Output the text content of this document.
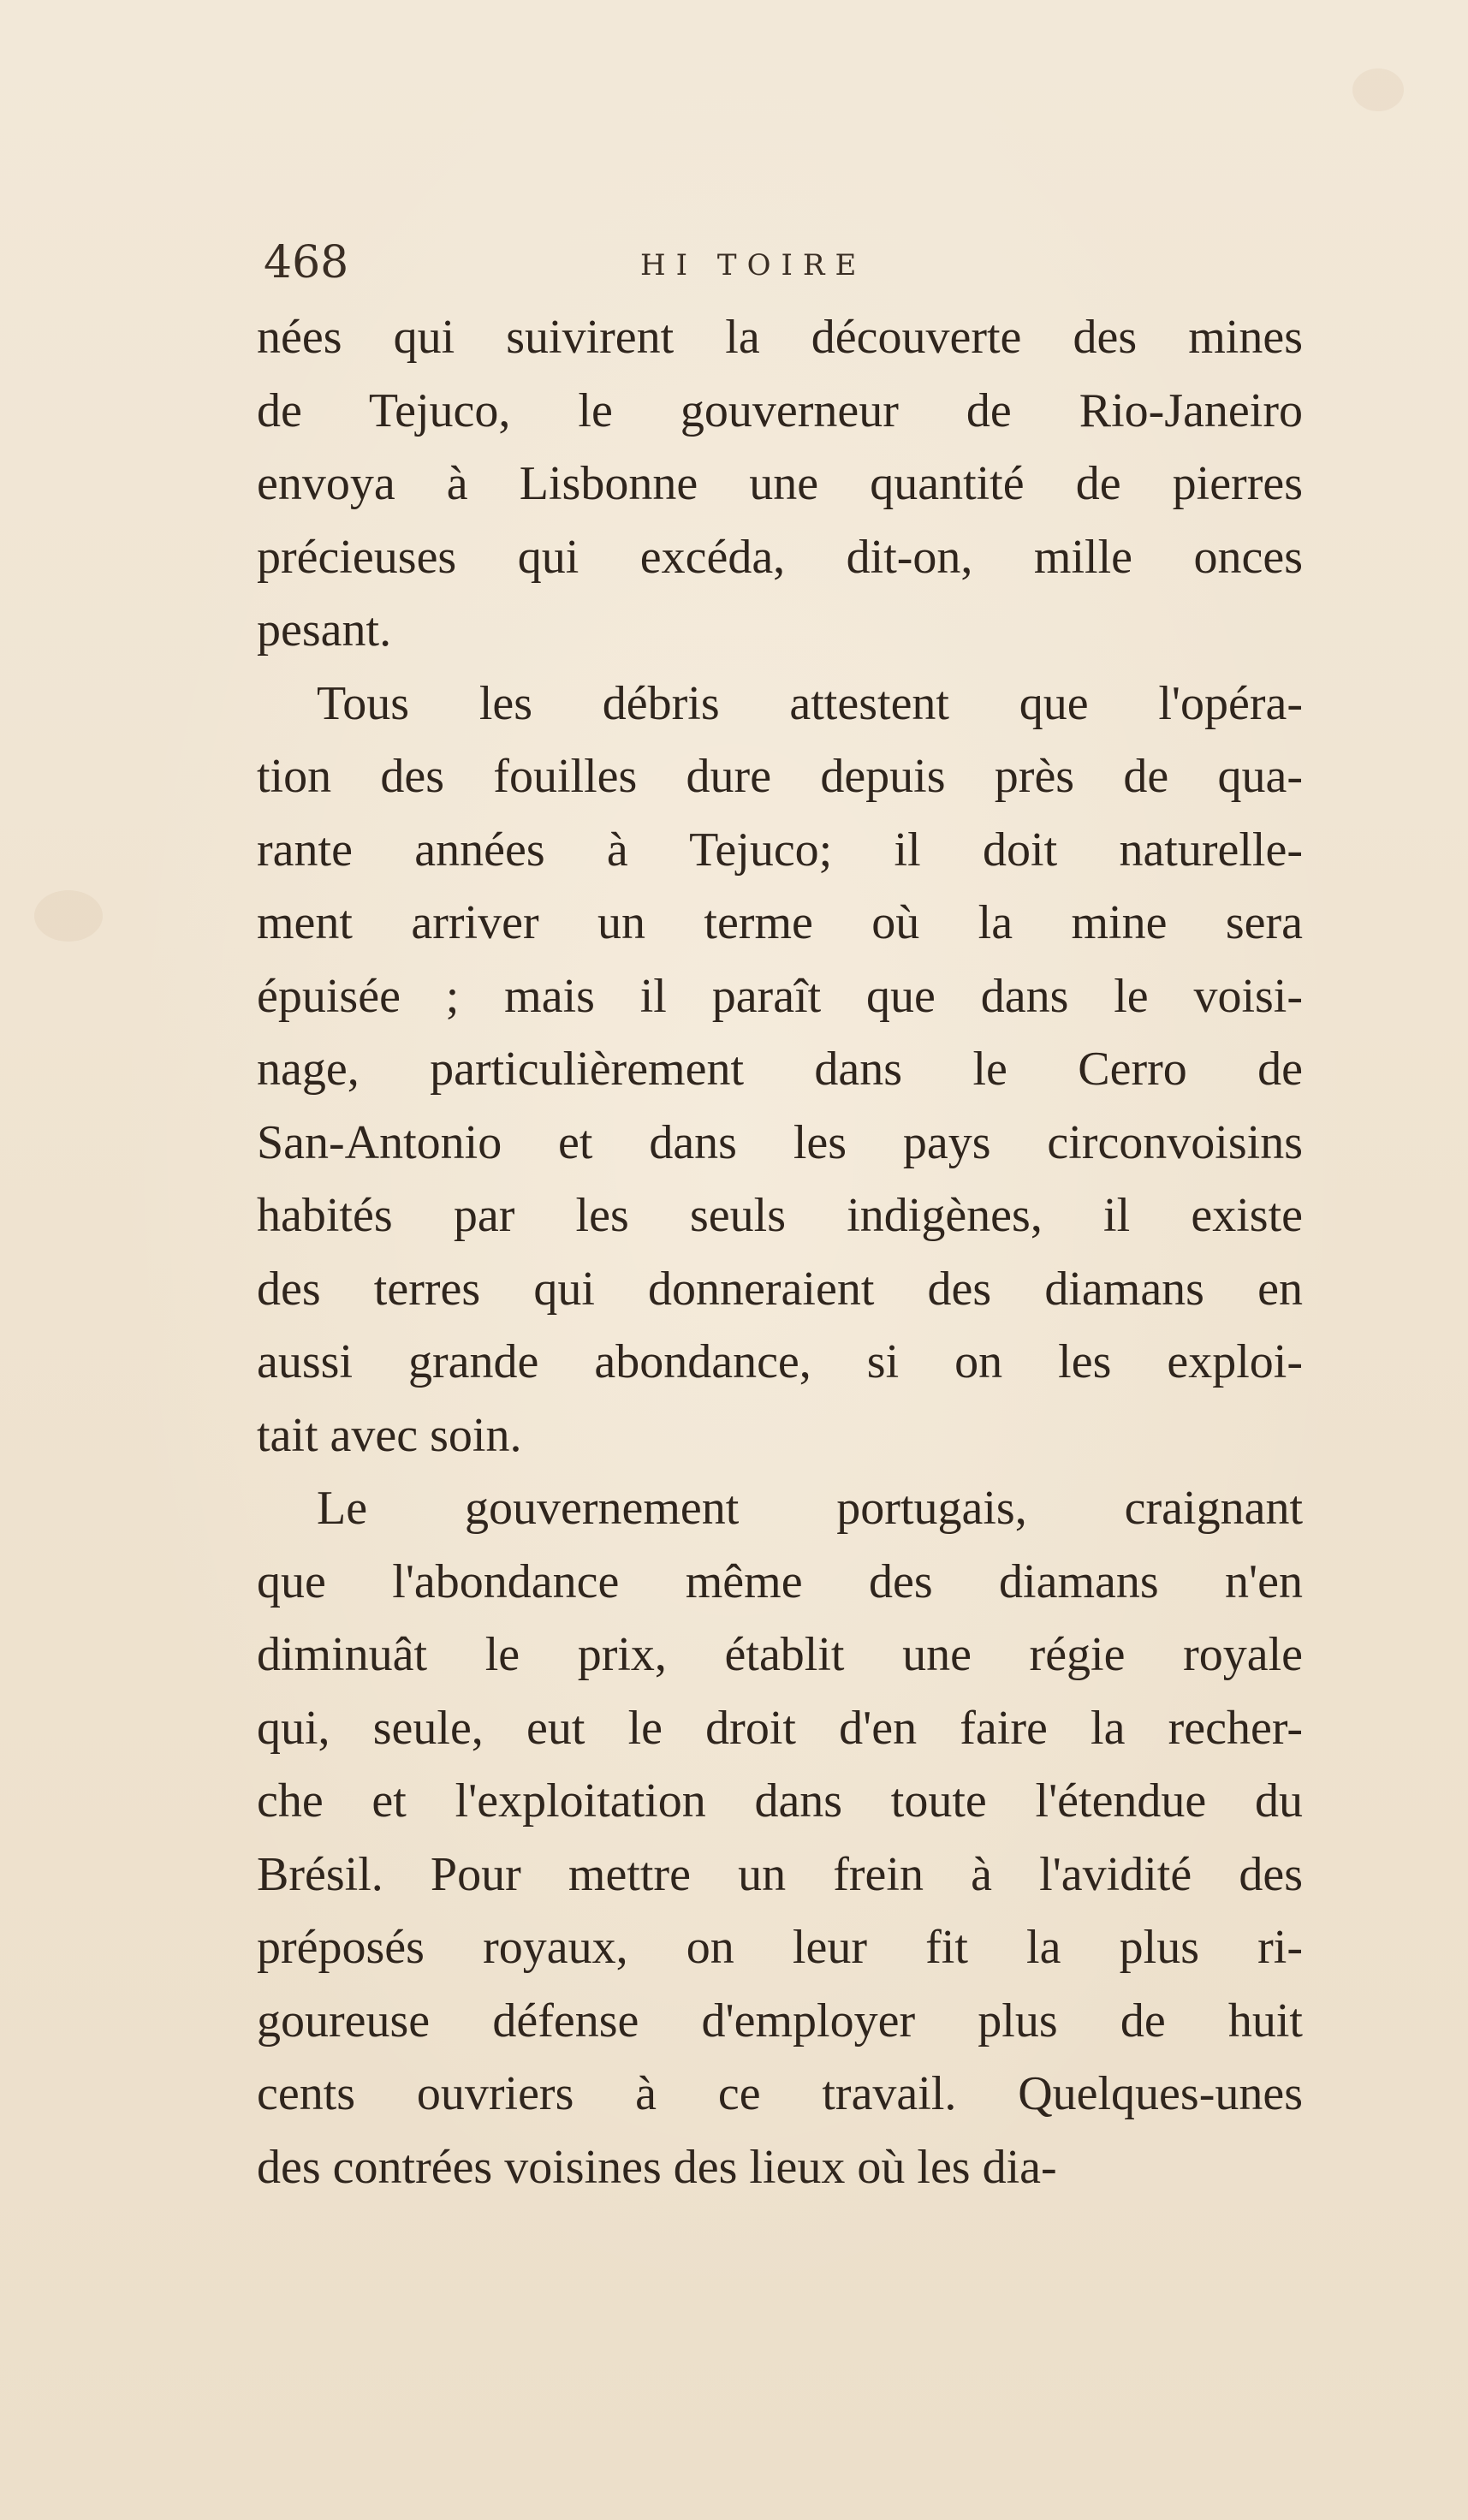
468	HI TOIRE
nées qui suivirent la découverte des mines
de Tejuco, le gouverneur de Rio-Janeiro
envoya à Lisbonne une quantité de pierres
précieuses qui excéda, dit-on, mille onces
pesant.
Tous les débris attestent que l'opéra-
tion des fouilles dure depuis près de qua-
rante années à Tejuco; il doit naturelle-
ment arriver un terme où la mine sera
épuisée ; mais il paraît que dans le voisi-
nage, particulièrement dans le Cerro de
San-Antonio et dans les pays circonvoisins
habités par les seuls indigènes, il existe
des terres qui donneraient des diamans en
aussi grande abondance, si on les exploi-
tait avec soin.
Le gouvernement portugais, craignant
que l'abondance même des diamans n'en
diminuât le prix, établit une régie royale
qui, seule, eut le droit d'en faire la recher-
che et l'exploitation dans toute l'étendue du
Brésil. Pour mettre un frein à l'avidité des
préposés royaux, on leur fit la plus ri-
goureuse défense d'employer plus de huit
cents ouvriers à ce travail. Quelques-unes
des contrées voisines des lieux où les dia-
